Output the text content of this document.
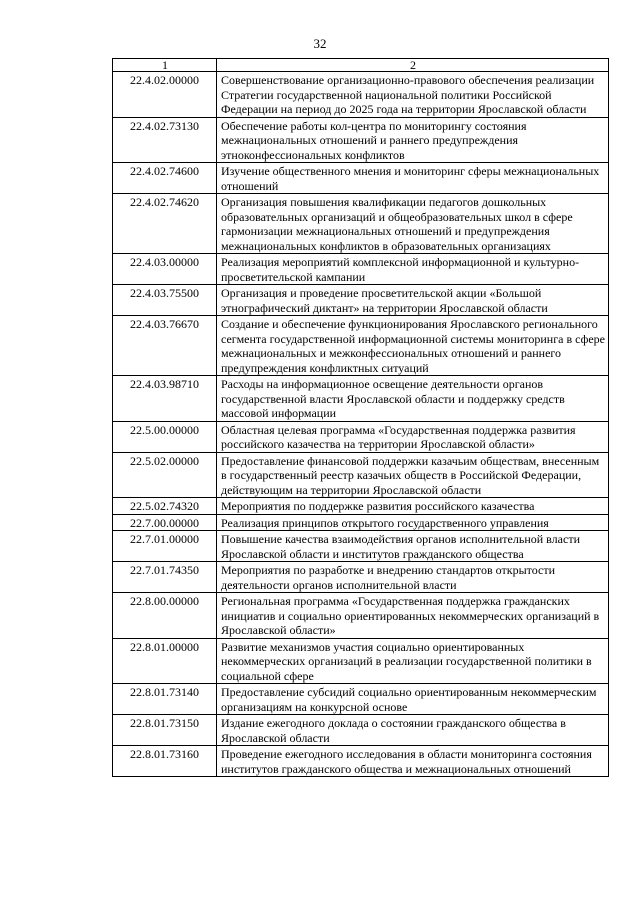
32
1	2
22.4.02.00000	Совершенствование организационно-правового обеспечения реализации Стратегии государственной национальной политики Российской Федерации на период до 2025 года на территории Ярославской области
22.4.02.73130	Обеспечение работы кол-центра по мониторингу состояния межнациональных отношений и раннего предупреждения этноконфессиональных конфликтов
22.4.02.74600	Изучение общественного мнения и мониторинг сферы межнациональных отношений
22.4.02.74620	Организация повышения квалификации педагогов дошкольных образовательных организаций и общеобразовательных школ в сфере гармонизации межнациональных отношений и предупреждения межнациональных конфликтов в образовательных организациях
22.4.03.00000	Реализация мероприятий комплексной информационной и культурно-просветительской кампании
22.4.03.75500	Организация и проведение просветительской акции «Большой этнографический диктант» на территории Ярославской области
22.4.03.76670	Создание и обеспечение функционирования Ярославского регионального сегмента государственной информационной системы мониторинга в сфере межнациональных и межконфессиональных отношений и раннего предупреждения конфликтных ситуаций
22.4.03.98710	Расходы на информационное освещение деятельности органов государственной власти Ярославской области и поддержку средств массовой информации
22.5.00.00000	Областная целевая программа «Государственная поддержка развития российского казачества на территории Ярославской области»
22.5.02.00000	Предоставление финансовой поддержки казачьим обществам, внесенным в государственный реестр казачьих обществ в Российской Федерации, действующим на территории Ярославской области
22.5.02.74320	Мероприятия по поддержке развития российского казачества
22.7.00.00000	Реализация принципов открытого государственного управления
22.7.01.00000	Повышение качества взаимодействия органов исполнительной власти Ярославской области и институтов гражданского общества
22.7.01.74350	Мероприятия по разработке и внедрению стандартов открытости деятельности органов исполнительной власти
22.8.00.00000	Региональная программа «Государственная поддержка гражданских инициатив и социально ориентированных некоммерческих организаций в Ярославской области»
22.8.01.00000	Развитие механизмов участия социально ориентированных некоммерческих организаций в реализации государственной политики в социальной сфере
22.8.01.73140	Предоставление субсидий социально ориентированным некоммерческим организациям на конкурсной основе
22.8.01.73150	Издание ежегодного доклада о состоянии гражданского общества в Ярославской области
22.8.01.73160	Проведение ежегодного исследования в области мониторинга состояния институтов гражданского общества и межнациональных отношений
